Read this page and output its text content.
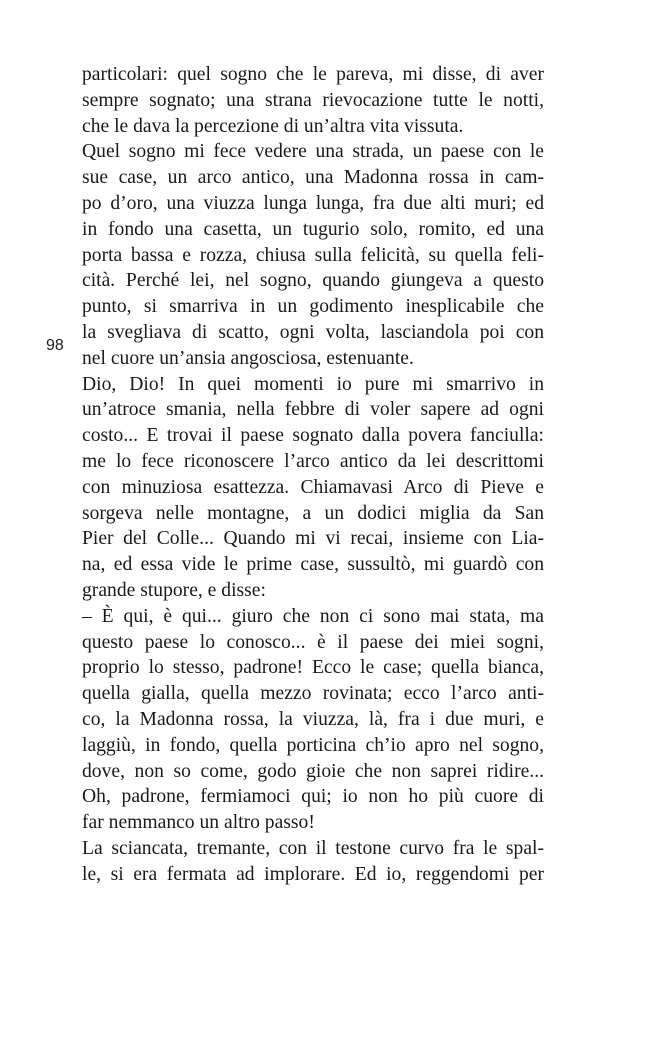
98
particolari: quel sogno che le pareva, mi disse, di aver
sempre sognato; una strana rievocazione tutte le notti,
che le dava la percezione di un’altra vita vissuta.
Quel sogno mi fece vedere una strada, un paese con le
sue case, un arco antico, una Madonna rossa in cam-
po d’oro, una viuzza lunga lunga, fra due alti muri; ed
in fondo una casetta, un tugurio solo, romito, ed una
porta bassa e rozza, chiusa sulla felicità, su quella feli-
cità. Perché lei, nel sogno, quando giungeva a questo
punto, si smarriva in un godimento inesplicabile che
la svegliava di scatto, ogni volta, lasciandola poi con
nel cuore un’ansia angosciosa, estenuante.
Dio, Dio! In quei momenti io pure mi smarrivo in
un’atroce smania, nella febbre di voler sapere ad ogni
costo... E trovai il paese sognato dalla povera fanciulla:
me lo fece riconoscere l’arco antico da lei descrittomi
con minuziosa esattezza. Chiamavasi Arco di Pieve e
sorgeva nelle montagne, a un dodici miglia da San
Pier del Colle... Quando mi vi recai, insieme con Lia-
na, ed essa vide le prime case, sussultò, mi guardò con
grande stupore, e disse:
– È qui, è qui... giuro che non ci sono mai stata, ma
questo paese lo conosco... è il paese dei miei sogni,
proprio lo stesso, padrone! Ecco le case; quella bianca,
quella gialla, quella mezzo rovinata; ecco l’arco anti-
co, la Madonna rossa, la viuzza, là, fra i due muri, e
laggiù, in fondo, quella porticina ch’io apro nel sogno,
dove, non so come, godo gioie che non saprei ridire...
Oh, padrone, fermiamoci qui; io non ho più cuore di
far nemmanco un altro passo!
La sciancata, tremante, con il testone curvo fra le spal-
le, si era fermata ad implorare. Ed io, reggendomi per
